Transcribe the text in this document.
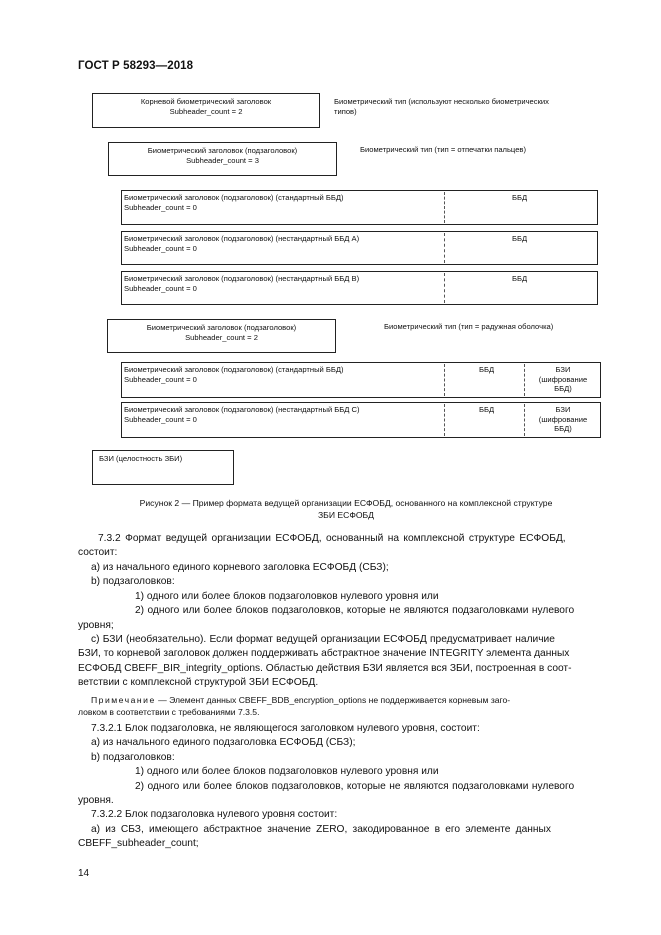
ГОСТ Р 58293—2018
Корневой биометрический заголовок
Subheader_count = 2
Биометрический тип (используют несколько биометрических
типов)
Биометрический заголовок (подзаголовок)
Subheader_count = 3
Биометрический тип (тип = отпечатки пальцев)
Биометрический заголовок (подзаголовок) (стандартный ББД)
Subheader_count = 0
ББД
Биометрический заголовок (подзаголовок) (нестандартный ББД А)
Subheader_count = 0
ББД
Биометрический заголовок (подзаголовок) (нестандартный ББД В)
Subheader_count = 0
ББД
Биометрический заголовок (подзаголовок)
Subheader_count = 2
Биометрический тип (тип = радужная оболочка)
Биометрический заголовок (подзаголовок) (стандартный ББД)
Subheader_count = 0
ББД	БЗИ
(шифрование
ББД)
Биометрический заголовок (подзаголовок) (нестандартный ББД С)
Subheader_count = 0
ББД	БЗИ
(шифрование
ББД)
БЗИ (целостность ЗБИ)
Рисунок 2 — Пример формата ведущей организации ЕСФОБД, основанного на комплексной структуре
ЗБИ ЕСФОБД
7.3.2 Формат ведущей организации ЕСФОБД, основанный на комплексной структуре ЕСФОБД,
состоит:
a) из начального единого корневого заголовка ЕСФОБД (СБЗ);
b) подзаголовков:
1) одного или более блоков подзаголовков нулевого уровня или
2) одного или более блоков подзаголовков, которые не являются подзаголовками нулевого
уровня;
c) БЗИ (необязательно). Если формат ведущей организации ЕСФОБД предусматривает наличие
БЗИ, то корневой заголовок должен поддерживать абстрактное значение INTEGRITY элемента данных
ЕСФОБД CBEFF_BIR_integrity_options. Областью действия БЗИ является вся ЗБИ, построенная в соот-
ветствии с комплексной структурой ЗБИ ЕСФОБД.
Примечание — Элемент данных CBEFF_BDB_encryption_options не поддерживается корневым заго-
ловком в соответствии с требованиями 7.3.5.
7.3.2.1 Блок подзаголовка, не являющегося заголовком нулевого уровня, состоит:
a) из начального единого подзаголовка ЕСФОБД (СБЗ);
b) подзаголовков:
1) одного или более блоков подзаголовков нулевого уровня или
2) одного или более блоков подзаголовков, которые не являются подзаголовками нулевого
уровня.
7.3.2.2 Блок подзаголовка нулевого уровня состоит:
a) из СБЗ, имеющего абстрактное значение ZERO, закодированное в его элементе данных
CBEFF_subheader_count;
14
